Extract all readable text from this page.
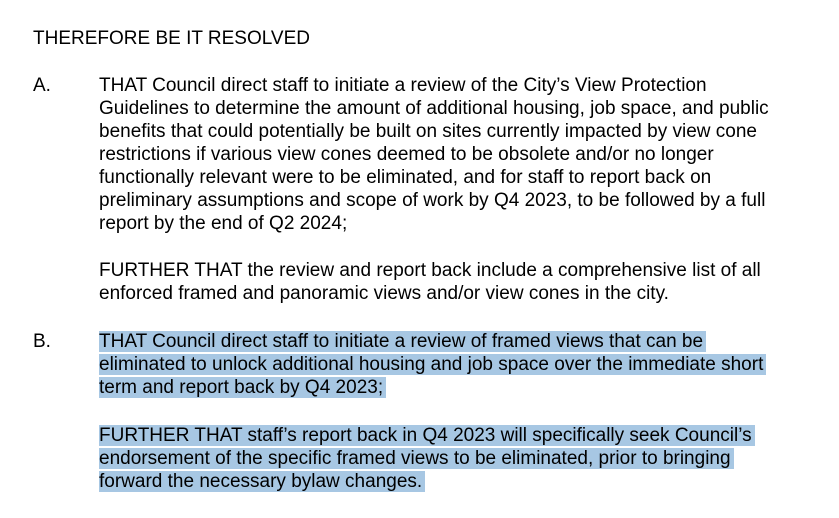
THEREFORE BE IT RESOLVED
A.	THAT Council direct staff to initiate a review of the City’s View Protection
Guidelines to determine the amount of additional housing, job space, and public
benefits that could potentially be built on sites currently impacted by view cone
restrictions if various view cones deemed to be obsolete and/or no longer
functionally relevant were to be eliminated, and for staff to report back on
preliminary assumptions and scope of work by Q4 2023, to be followed by a full
report by the end of Q2 2024;
FURTHER THAT the review and report back include a comprehensive list of all
enforced framed and panoramic views and/or view cones in the city.
B.	THAT Council direct staff to initiate a review of framed views that can be
eliminated to unlock additional housing and job space over the immediate short
term and report back by Q4 2023;
FURTHER THAT staff’s report back in Q4 2023 will specifically seek Council’s
endorsement of the specific framed views to be eliminated, prior to bringing
forward the necessary bylaw changes.
